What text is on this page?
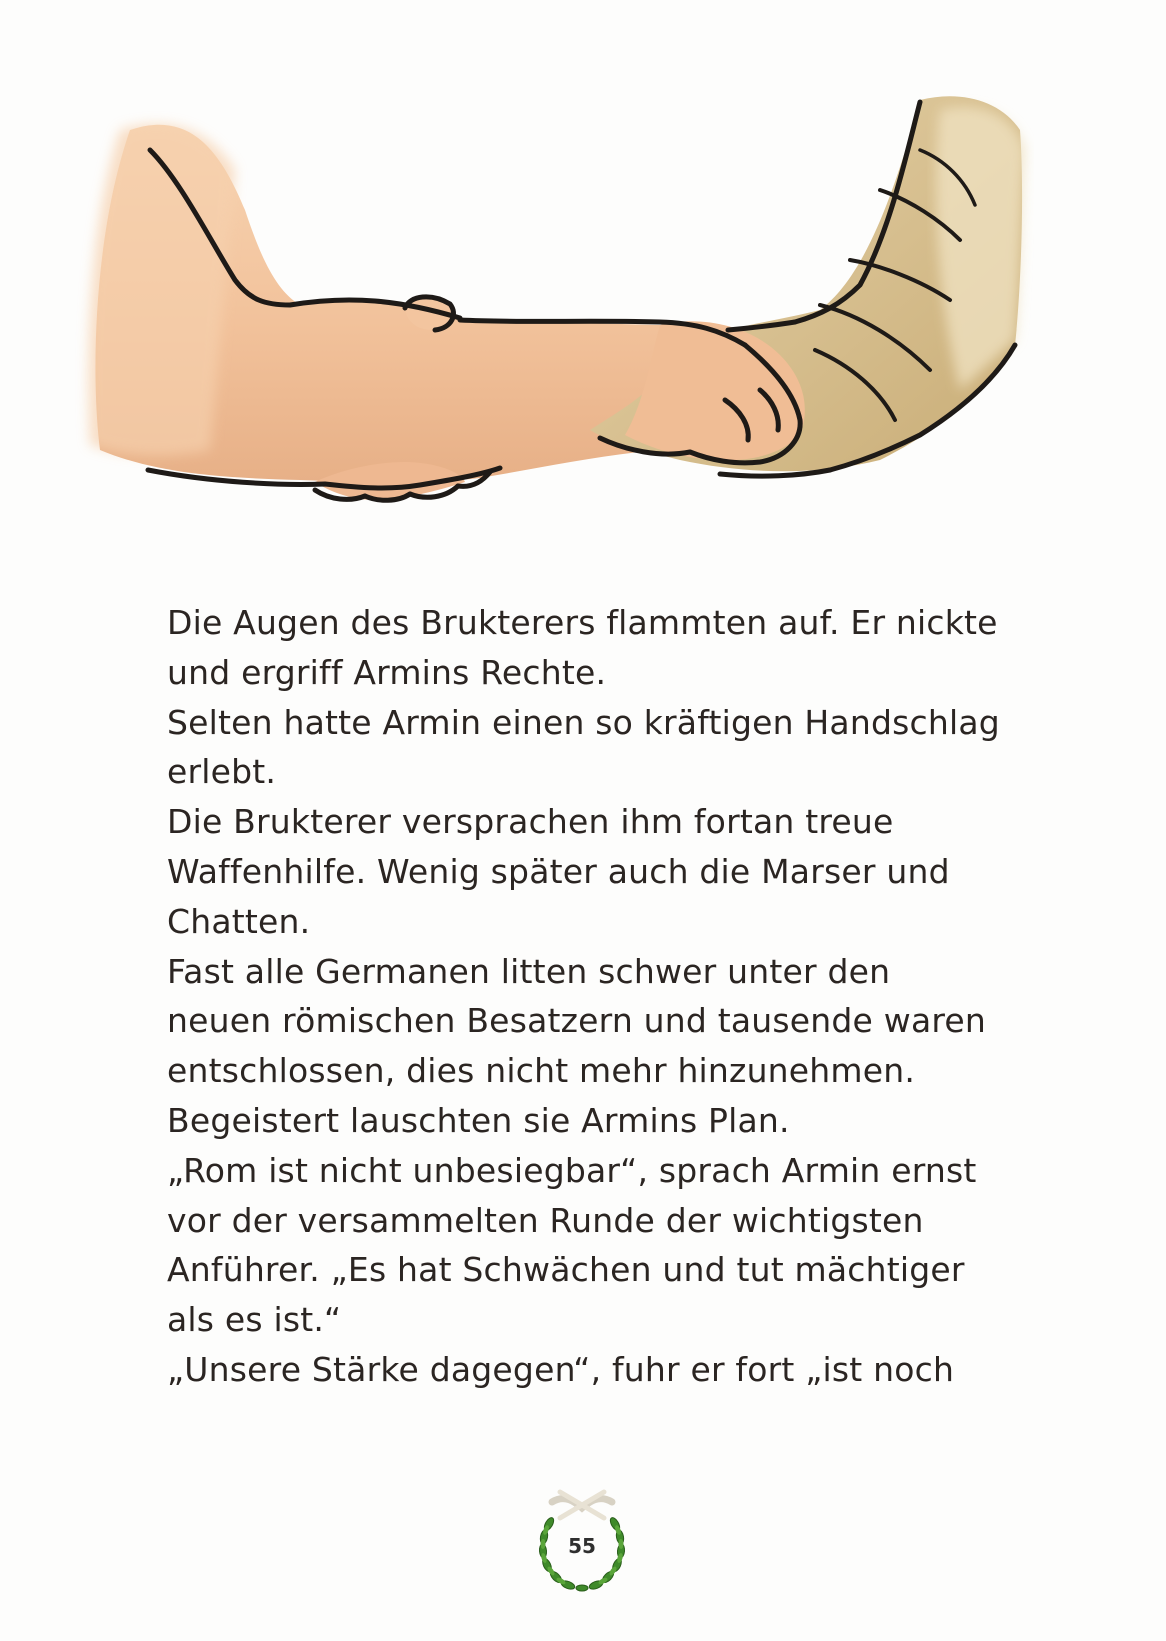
Die Augen des Brukterers flammten auf. Er nickte
und ergriff Armins Rechte.
Selten hatte Armin einen so kräftigen Handschlag
erlebt.
Die Brukterer versprachen ihm fortan treue
Waffenhilfe. Wenig später auch die Marser und
Chatten.
Fast alle Germanen litten schwer unter den
neuen römischen Besatzern und tausende waren
entschlossen, dies nicht mehr hinzunehmen.
Begeistert lauschten sie Armins Plan.
„Rom ist nicht unbesiegbar“, sprach Armin ernst
vor der versammelten Runde der wichtigsten
Anführer. „Es hat Schwächen und tut mächtiger
als es ist.“
„Unsere Stärke dagegen“, fuhr er fort „ist noch
55
